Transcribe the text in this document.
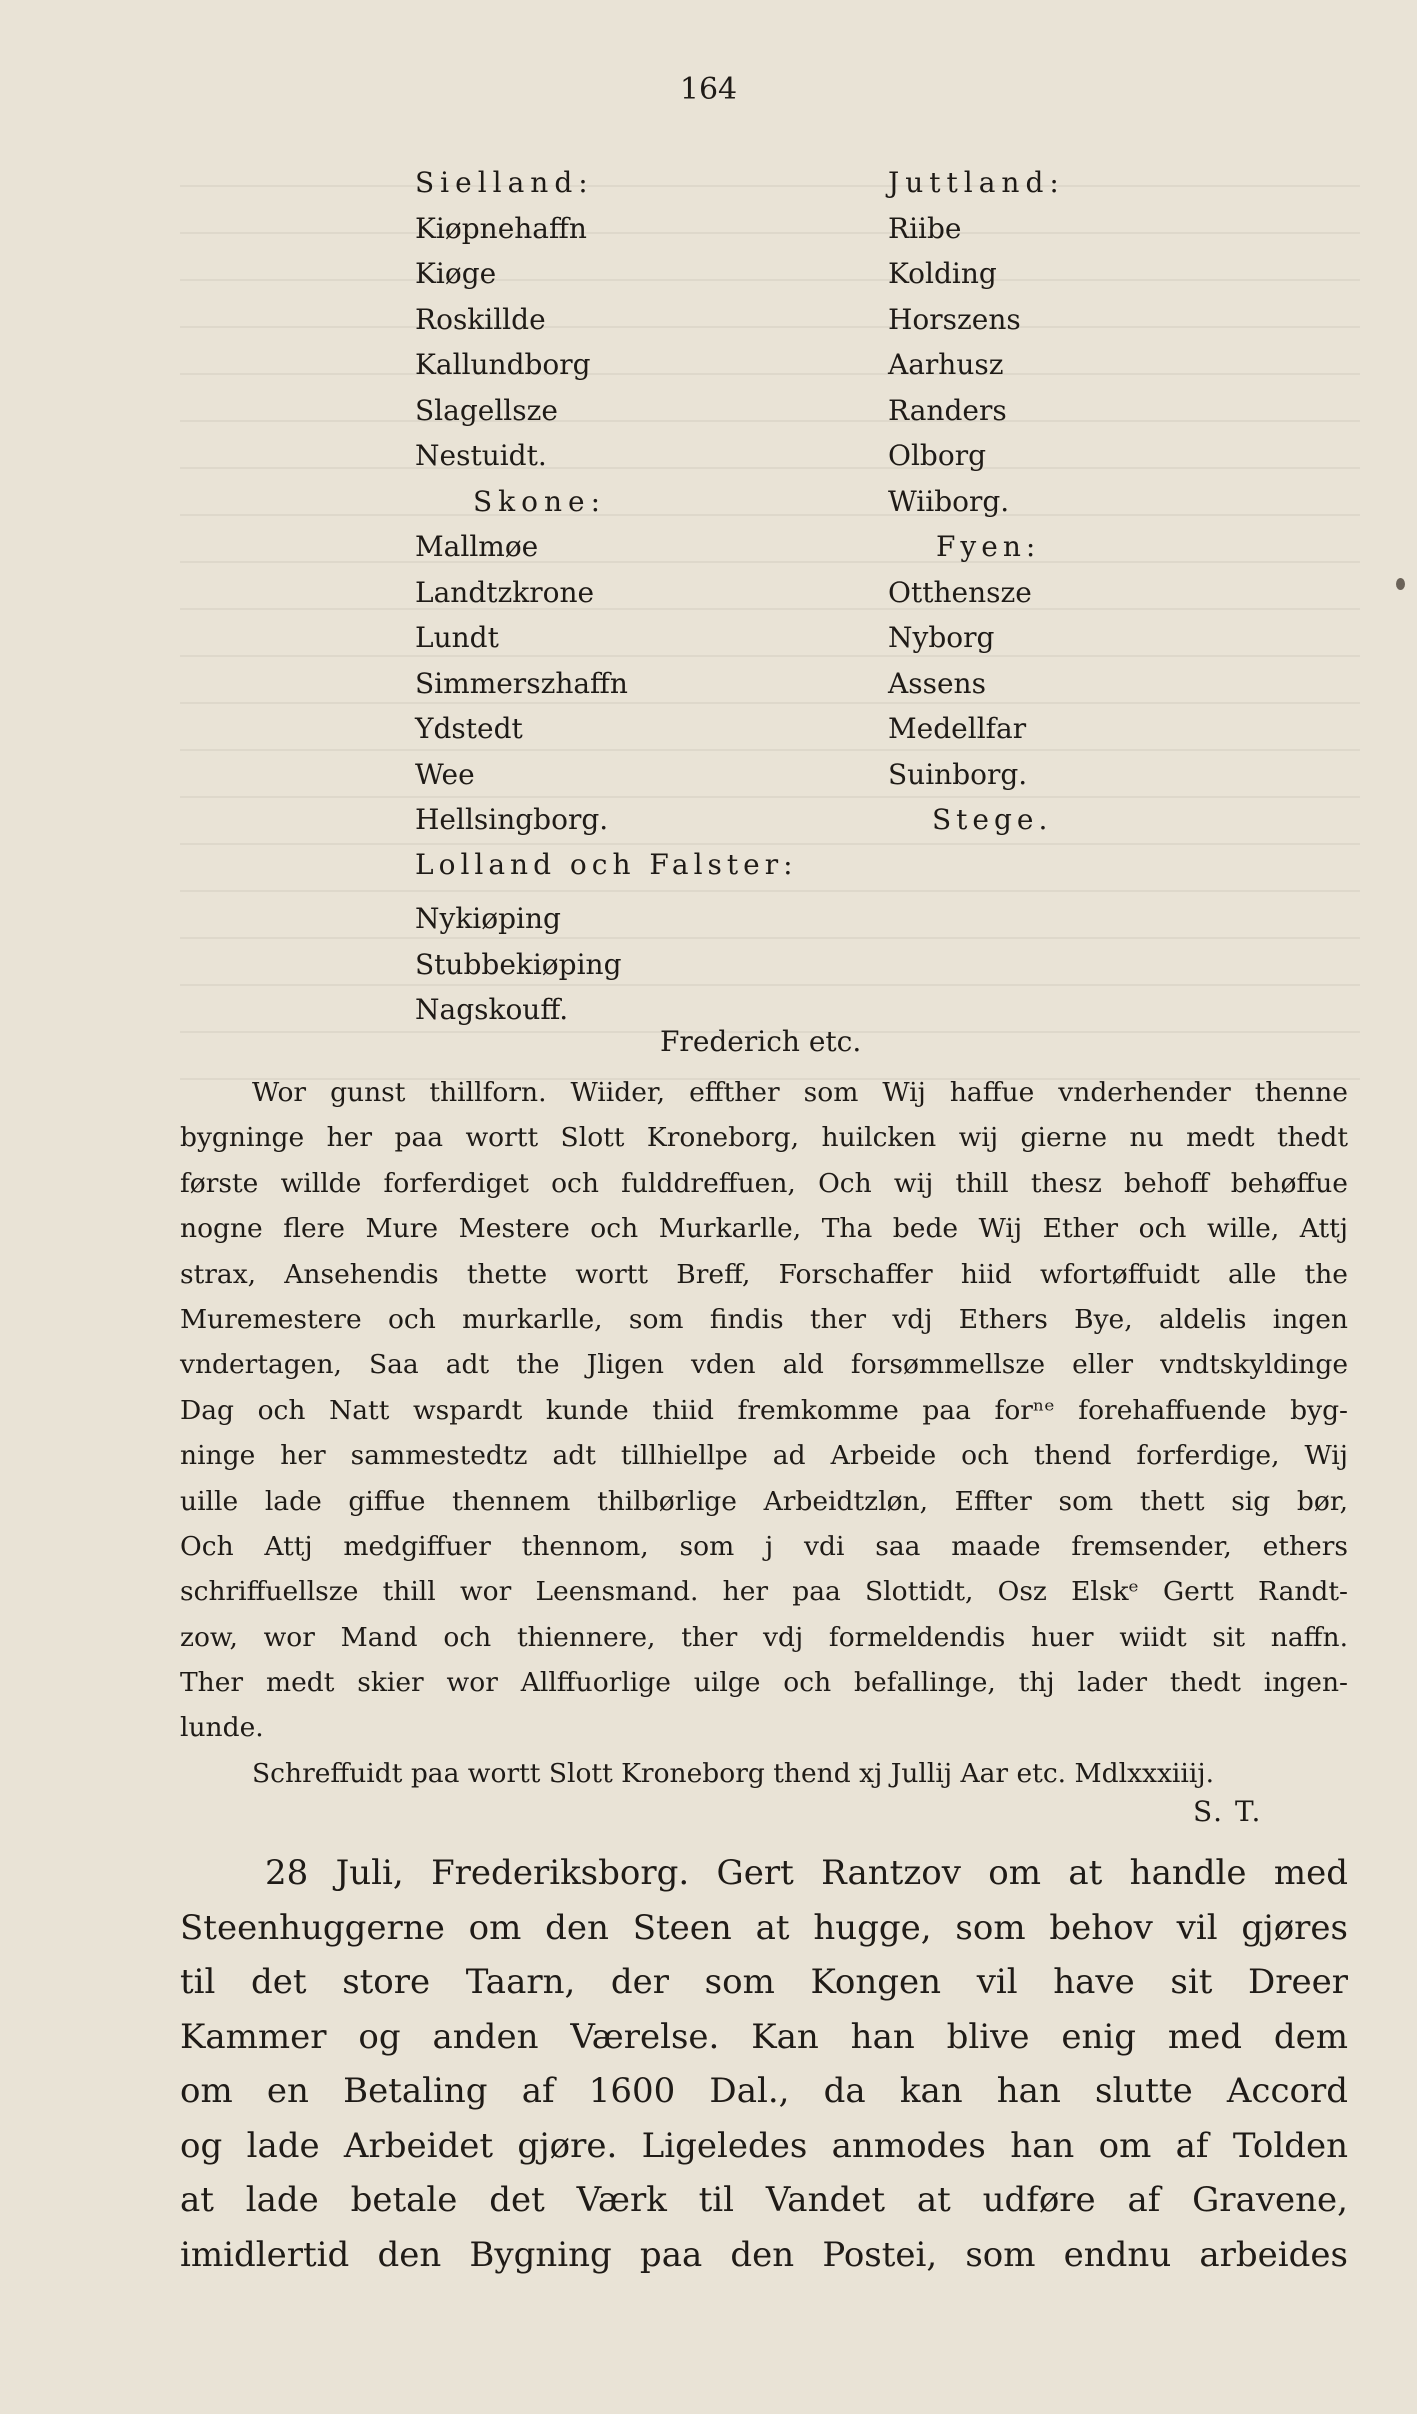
164
Sielland:
Kiøpnehaffn
Kiøge
Roskillde
Kallundborg
Slagellsze
Nestuidt.
Skone:
Mallmøe
Landtzkrone
Lundt
Simmerszhaffn
Ydstedt
Wee
Hellsingborg.
Juttland:
Riibe
Kolding
Horszens
Aarhusz
Randers
Olborg
Wiiborg.
Fyen:
Otthensze
Nyborg
Assens
Medellfar
Suinborg.
Stege.
Lolland och Falster:
Nykiøping
Stubbekiøping
Nagskouff.
Frederich etc.
Wor gunst thillforn. Wiider, effther som Wij haffue vnderhender thenne
bygninge her paa wortt Slott Kroneborg, huilcken wij gierne nu medt thedt
første willde forferdiget och fulddreffuen, Och wij thill thesz behoff behøffue
nogne flere Mure Mestere och Murkarlle, Tha bede Wij Ether och wille, Attj
strax, Ansehendis thette wortt Breff, Forschaffer hiid wfortøffuidt alle the
Muremestere och murkarlle, som findis ther vdj Ethers Bye, aldelis ingen
vndertagen, Saa adt the Jligen vden ald forsømmellsze eller vndtskyldinge
Dag och Natt wspardt kunde thiid fremkomme paa forⁿᵉ forehaffuende byg-
ninge her sammestedtz adt tillhiellpe ad Arbeide och thend forferdige, Wij
uille lade giffue thennem thilbørlige Arbeidtzløn, Effter som thett sig bør,
Och Attj medgiffuer thennom, som j vdi saa maade fremsender, ethers
schriffuellsze thill wor Leensmand. her paa Slottidt, Osz Elskᵉ Gertt Randt-
zow, wor Mand och thiennere, ther vdj formeldendis huer wiidt sit naffn.
Ther medt skier wor Allffuorlige uilge och befallinge, thj lader thedt ingen-
lunde.
Schreffuidt paa wortt Slott Kroneborg thend xj Jullij Aar etc. Mdlxxxiiij.
S. T.
28 Juli, Frederiksborg. Gert Rantzov om at handle med
Steenhuggerne om den Steen at hugge, som behov vil gjøres
til det store Taarn, der som Kongen vil have sit Dreer
Kammer og anden Værelse. Kan han blive enig med dem
om en Betaling af 1600 Dal., da kan han slutte Accord
og lade Arbeidet gjøre. Ligeledes anmodes han om af Tolden
at lade betale det Værk til Vandet at udføre af Gravene,
imidlertid den Bygning paa den Postei, som endnu arbeides
